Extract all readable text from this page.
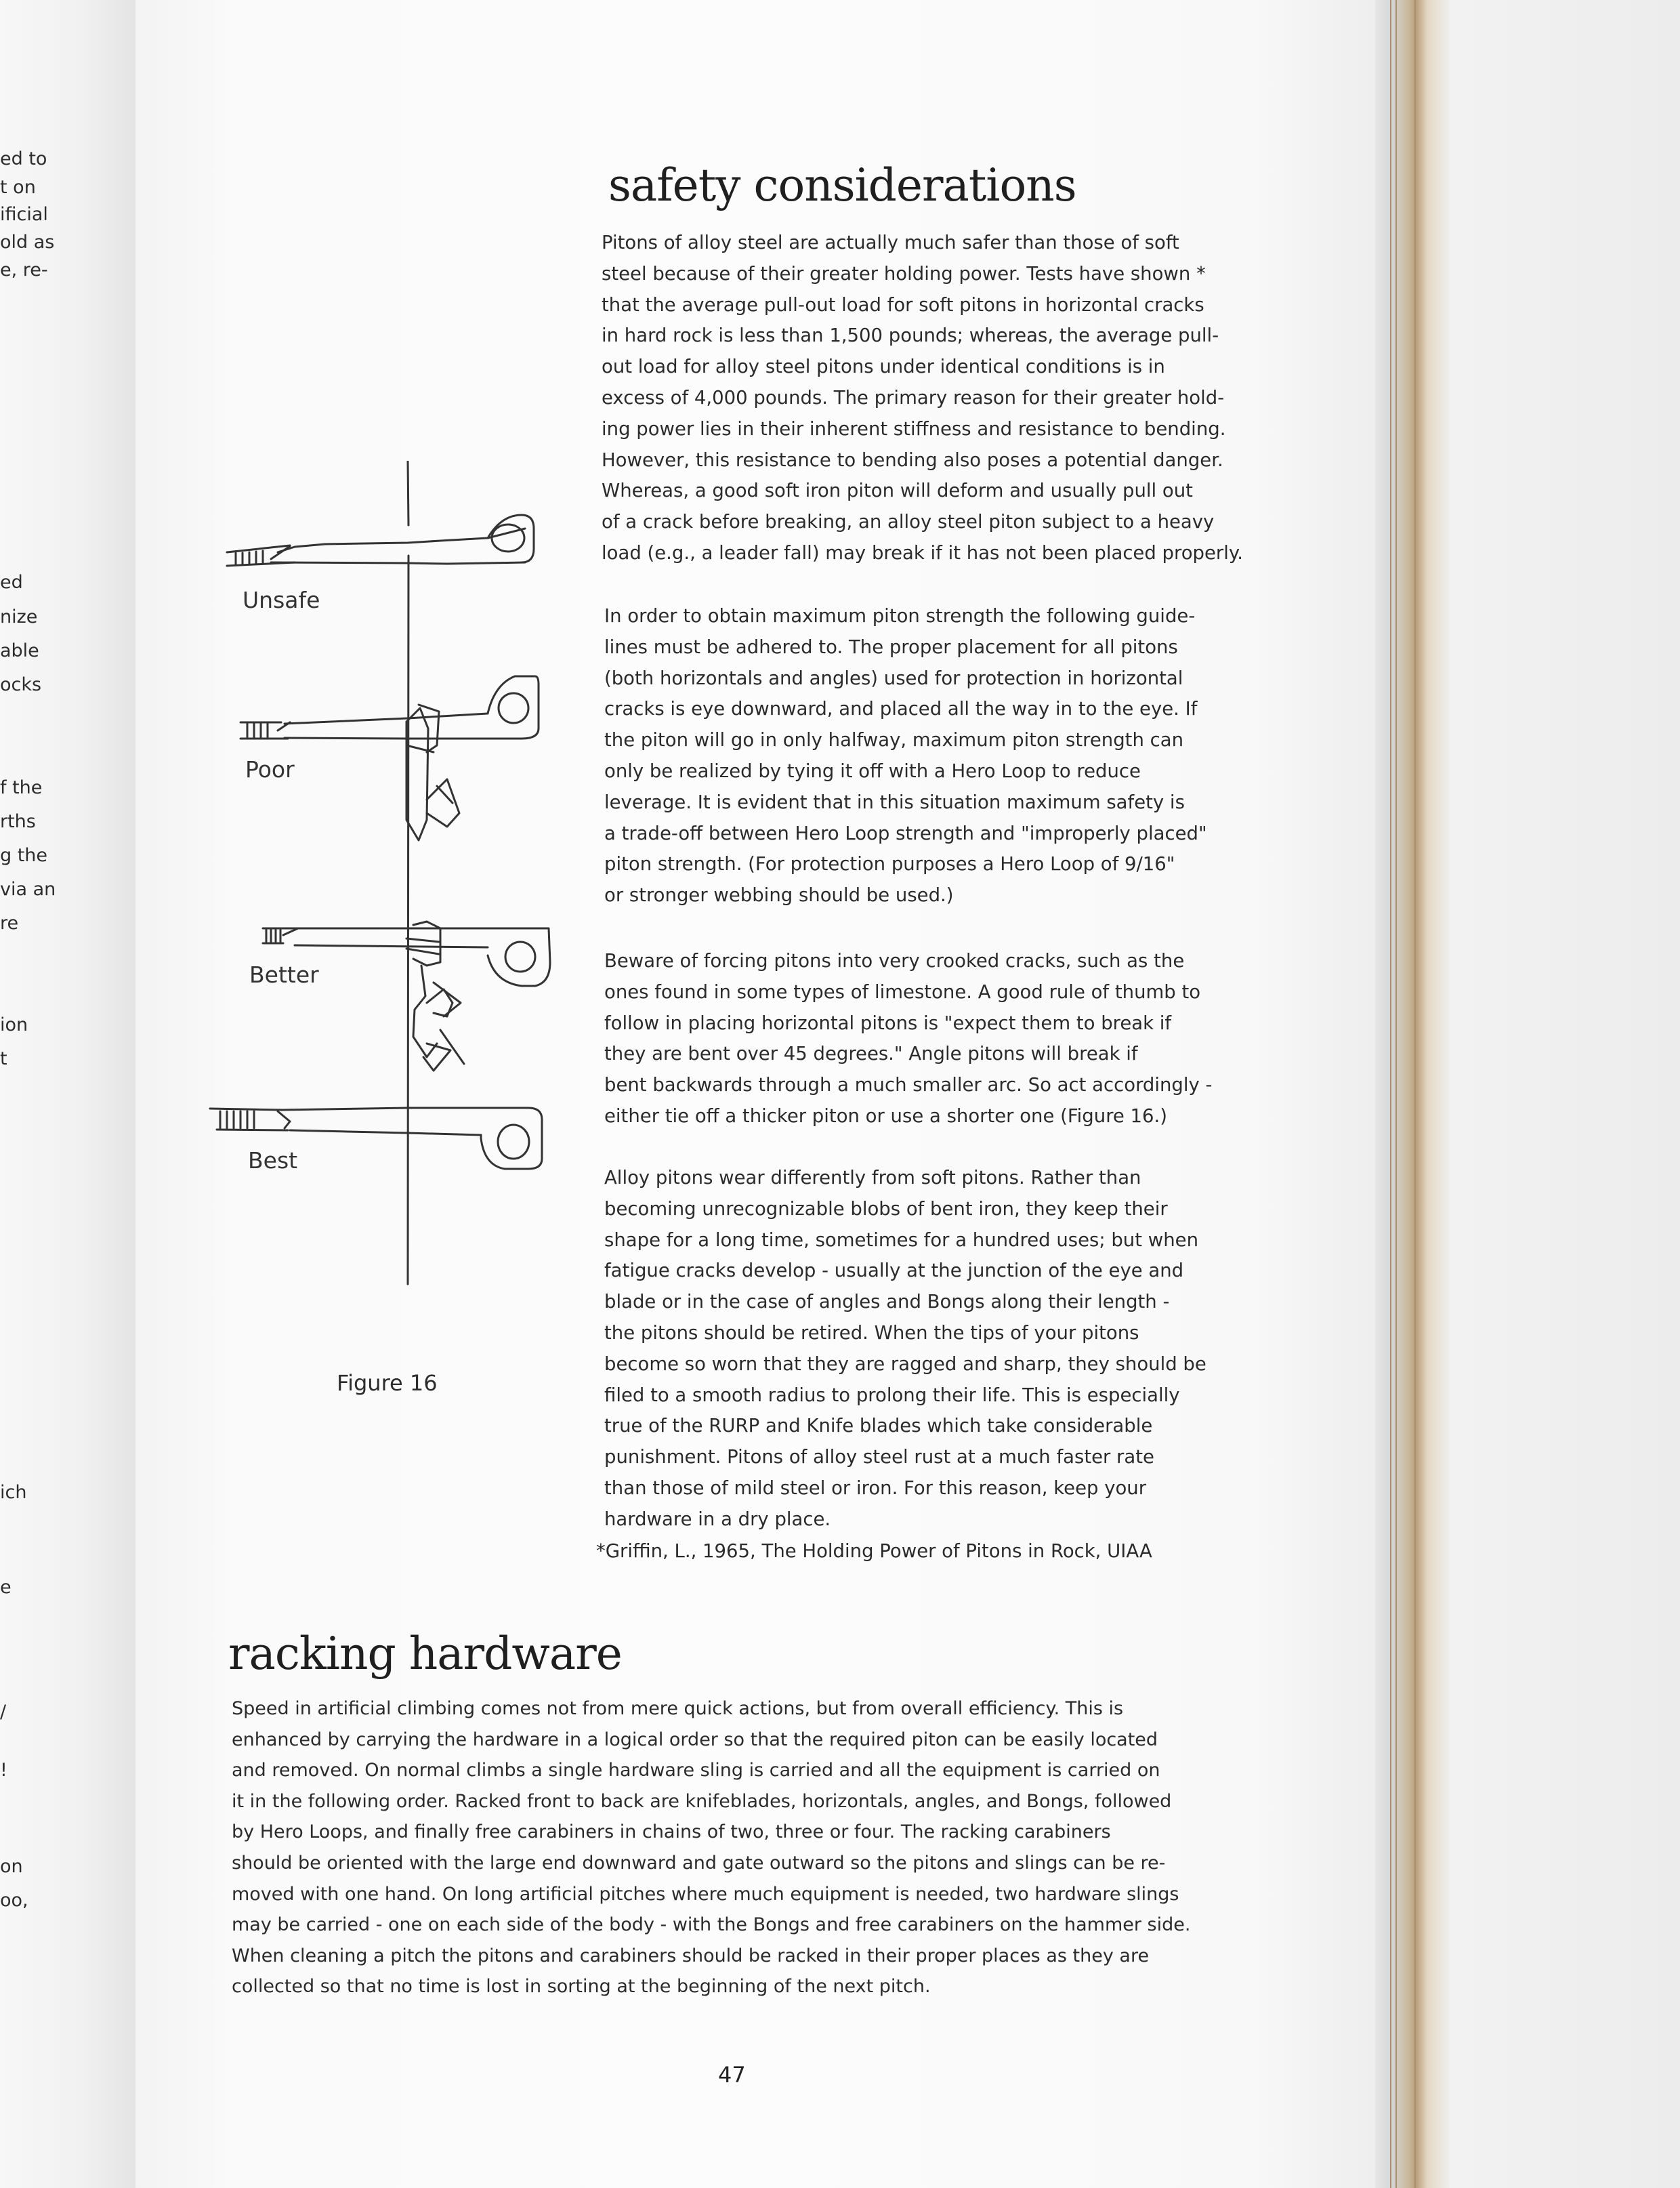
ed to
t on
ificial
old as
e, re-
ed
nize
able
ocks
f the
rths
g the
via an
re
ion
t
ich
e
/
!
on
oo,
safety considerations
Pitons of alloy steel are actually much safer than those of soft
steel because of their greater holding power. Tests have shown *
that the average pull-out load for soft pitons in horizontal cracks
in hard rock is less than 1,500 pounds; whereas, the average pull-
out load for alloy steel pitons under identical conditions is in
excess of 4,000 pounds. The primary reason for their greater hold-
ing power lies in their inherent stiffness and resistance to bending.
However, this resistance to bending also poses a potential danger.
Whereas, a good soft iron piton will deform and usually pull out
of a crack before breaking, an alloy steel piton subject to a heavy
load (e.g., a leader fall) may break if it has not been placed properly.
In order to obtain maximum piton strength the following guide-
lines must be adhered to. The proper placement for all pitons
(both horizontals and angles) used for protection in horizontal
cracks is eye downward, and placed all the way in to the eye. If
the piton will go in only halfway, maximum piton strength can
only be realized by tying it off with a Hero Loop to reduce
leverage. It is evident that in this situation maximum safety is
a trade-off between Hero Loop strength and "improperly placed"
piton strength. (For protection purposes a Hero Loop of 9/16"
or stronger webbing should be used.)
Beware of forcing pitons into very crooked cracks, such as the
ones found in some types of limestone. A good rule of thumb to
follow in placing horizontal pitons is "expect them to break if
they are bent over 45 degrees." Angle pitons will break if
bent backwards through a much smaller arc. So act accordingly -
either tie off a thicker piton or use a shorter one (Figure 16.)
Alloy pitons wear differently from soft pitons. Rather than
becoming unrecognizable blobs of bent iron, they keep their
shape for a long time, sometimes for a hundred uses; but when
fatigue cracks develop - usually at the junction of the eye and
blade or in the case of angles and Bongs along their length -
the pitons should be retired. When the tips of your pitons
become so worn that they are ragged and sharp, they should be
filed to a smooth radius to prolong their life. This is especially
true of the RURP and Knife blades which take considerable
punishment. Pitons of alloy steel rust at a much faster rate
than those of mild steel or iron. For this reason, keep your
hardware in a dry place.
*Griffin, L., 1965, The Holding Power of Pitons in Rock, UIAA
Unsafe
Poor
Better
Best
Figure 16
racking hardware
Speed in artificial climbing comes not from mere quick actions, but from overall efficiency. This is
enhanced by carrying the hardware in a logical order so that the required piton can be easily located
and removed. On normal climbs a single hardware sling is carried and all the equipment is carried on
it in the following order. Racked front to back are knifeblades, horizontals, angles, and Bongs, followed
by Hero Loops, and finally free carabiners in chains of two, three or four. The racking carabiners
should be oriented with the large end downward and gate outward so the pitons and slings can be re-
moved with one hand. On long artificial pitches where much equipment is needed, two hardware slings
may be carried - one on each side of the body - with the Bongs and free carabiners on the hammer side.
When cleaning a pitch the pitons and carabiners should be racked in their proper places as they are
collected so that no time is lost in sorting at the beginning of the next pitch.
47
